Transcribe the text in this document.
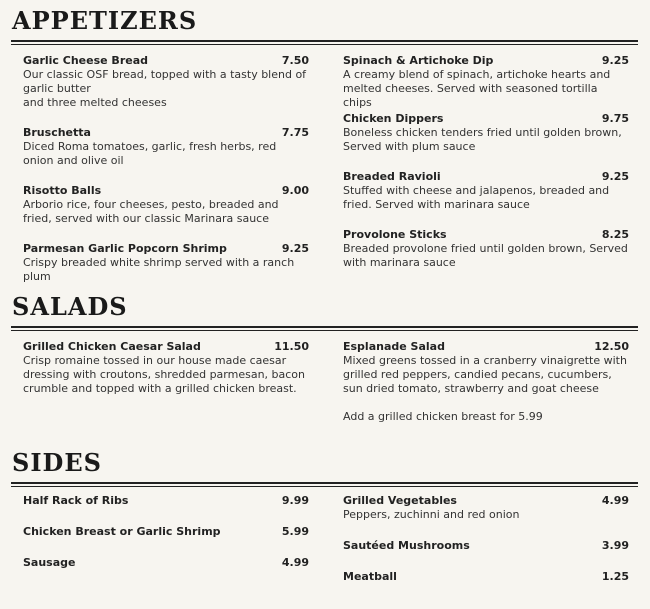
APPETIZERS
Garlic Cheese Bread	7.50
Our classic OSF bread, topped with a tasty blend of garlic butter
and three melted cheeses
Bruschetta	7.75
Diced Roma tomatoes, garlic, fresh herbs, red onion and olive oil
Risotto Balls	9.00
Arborio rice, four cheeses, pesto, breaded and fried, served with our classic Marinara sauce
Parmesan Garlic Popcorn Shrimp	9.25
Crispy breaded white shrimp served with a ranch plum
Spinach & Artichoke Dip	9.25
A creamy blend of spinach, artichoke hearts and melted cheeses. Served with seasoned tortilla chips
Chicken Dippers	9.75
Boneless chicken tenders fried until golden brown, Served with plum sauce
Breaded Ravioli	9.25
Stuffed with cheese and jalapenos, breaded and fried. Served with marinara sauce
Provolone Sticks	8.25
Breaded provolone fried until golden brown, Served with marinara sauce
SALADS
Grilled Chicken Caesar Salad	11.50
Crisp romaine tossed in our house made caesar dressing with croutons, shredded parmesan, bacon crumble and topped with a grilled chicken breast.
Esplanade Salad	12.50
Mixed greens tossed in a cranberry vinaigrette with grilled red peppers, candied pecans, cucumbers, sun dried tomato, strawberry and goat cheese
Add a grilled chicken breast for 5.99
SIDES
Half Rack of Ribs	9.99
Chicken Breast or Garlic Shrimp	5.99
Sausage	4.99
Grilled Vegetables	4.99
Peppers, zuchinni and red onion
Sautéed Mushrooms	3.99
Meatball	1.25
